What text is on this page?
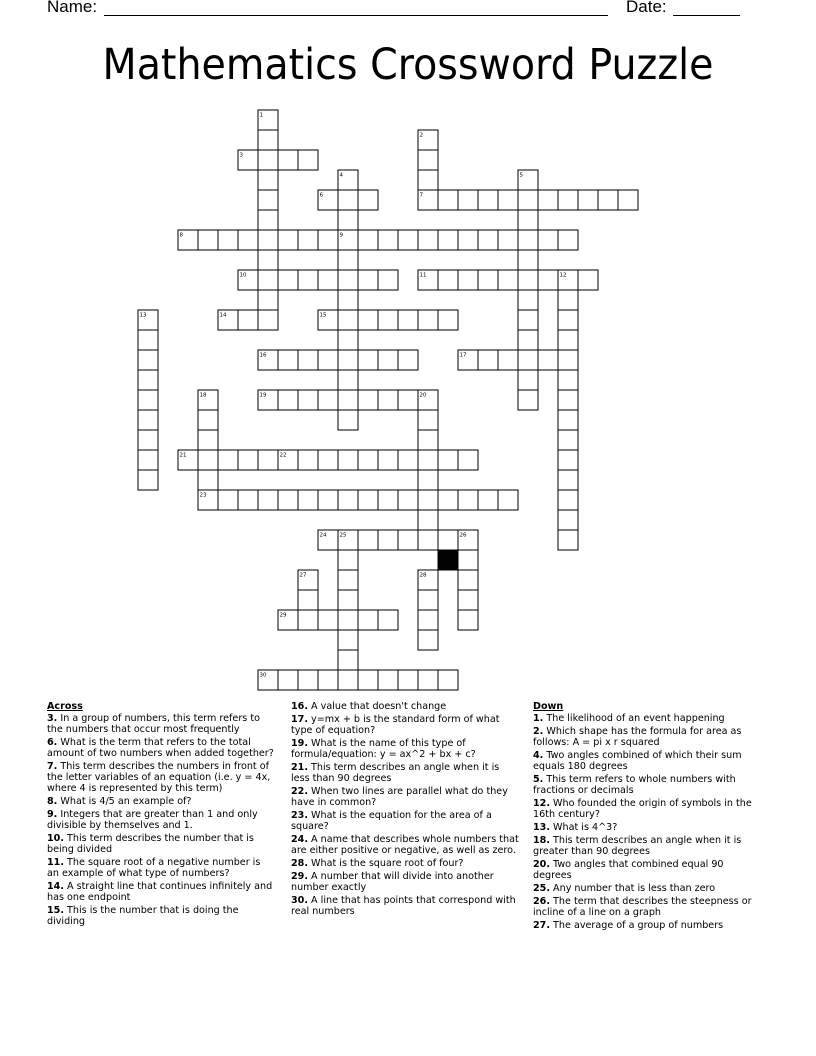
Name:	Date:
Mathematics Crossword Puzzle
1
2
3
4	5
6	7
8	9
10	11	12
13	14	15
16	17
18	19	20
21	22
23
24 25	26
27	28
29
30
Across
3. In a group of numbers, this term refers to the numbers that occur most frequently
6. What is the term that refers to the total amount of two numbers when added together?
7. This term describes the numbers in front of the letter variables of an equation (i.e. y = 4x, where 4 is represented by this term)
8. What is 4/5 an example of?
9. Integers that are greater than 1 and only divisible by themselves and 1.
10. This term describes the number that is being divided
11. The square root of a negative number is an example of what type of numbers?
14. A straight line that continues infinitely and has one endpoint
15. This is the number that is doing the dividing
16. A value that doesn't change
17. y=mx + b is the standard form of what type of equation?
19. What is the name of this type of formula/equation: y = ax^2 + bx + c?
21. This term describes an angle when it is less than 90 degrees
22. When two lines are parallel what do they have in common?
23. What is the equation for the area of a square?
24. A name that describes whole numbers that are either positive or negative, as well as zero.
28. What is the square root of four?
29. A number that will divide into another number exactly
30. A line that has points that correspond with real numbers
Down
1. The likelihood of an event happening
2. Which shape has the formula for area as follows: A = pi x r squared
4. Two angles combined of which their sum equals 180 degrees
5. This term refers to whole numbers with fractions or decimals
12. Who founded the origin of symbols in the 16th century?
13. What is 4^3?
18. This term describes an angle when it is greater than 90 degrees
20. Two angles that combined equal 90 degrees
25. Any number that is less than zero
26. The term that describes the steepness or incline of a line on a graph
27. The average of a group of numbers
